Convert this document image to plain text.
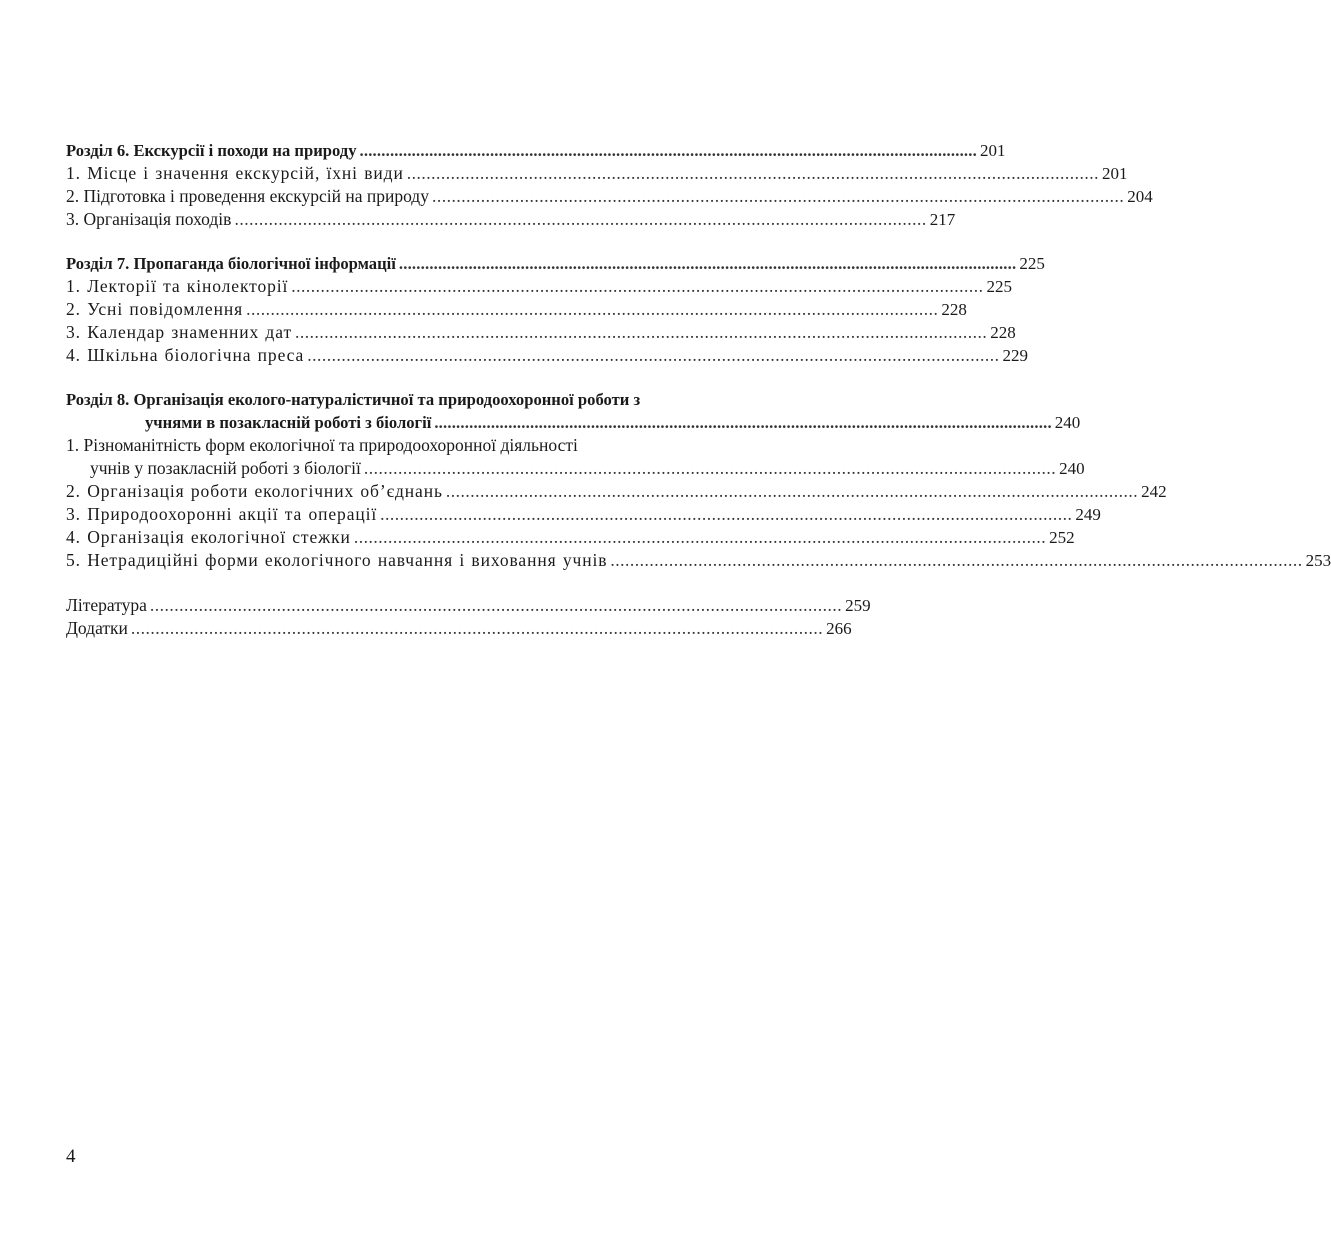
Розділ 6. Екскурсії і походи на природу .............................................................................................................................................. 201
1. Місце і значення екскурсій, їхні види .............................................................................................................................................. 201
2. Підготовка і проведення екскурсій на природу .............................................................................................................................................. 204
3. Організація походів .............................................................................................................................................. 217
Розділ 7. Пропаганда біологічної інформації .............................................................................................................................................. 225
1. Лекторії та кінолекторії .............................................................................................................................................. 225
2. Усні повідомлення .............................................................................................................................................. 228
3. Календар знаменних дат .............................................................................................................................................. 228
4. Шкільна біологічна преса .............................................................................................................................................. 229
Розділ 8. Організація еколого-натуралістичної та природоохоронної роботи з
учнями в позакласній роботі з біології .............................................................................................................................................. 240
1. Різноманітність форм екологічної та природоохоронної діяльності
учнів у позакласній роботі з біології .............................................................................................................................................. 240
2. Організація роботи екологічних об’єднань .............................................................................................................................................. 242
3. Природоохоронні акції та операції .............................................................................................................................................. 249
4. Організація екологічної стежки .............................................................................................................................................. 252
5. Нетрадиційні форми екологічного навчання і виховання учнів .............................................................................................................................................. 253
Література .............................................................................................................................................. 259
Додатки .............................................................................................................................................. 266
4
